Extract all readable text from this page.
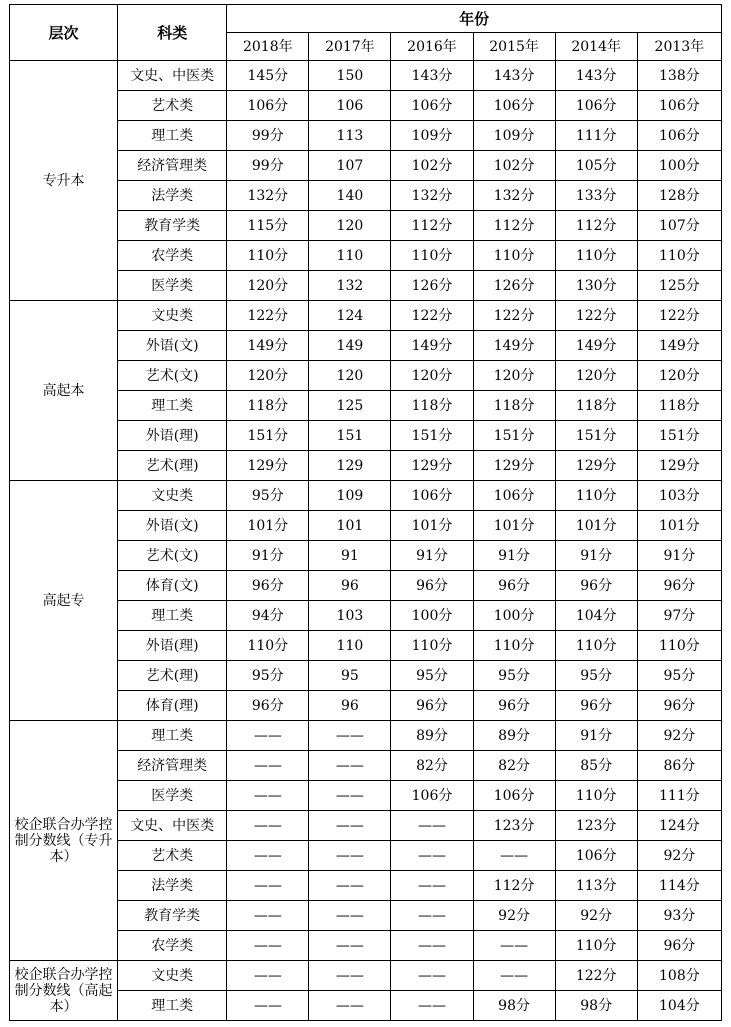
层次	科类	年份					
		2018年	2017年	2016年	2015年	2014年	2013年
专升本	文史、中医类	145分	150	143分	143分	143分	138分
	艺术类	106分	106	106分	106分	106分	106分
	理工类	99分	113	109分	109分	111分	106分
	经济管理类	99分	107	102分	102分	105分	100分
	法学类	132分	140	132分	132分	133分	128分
	教育学类	115分	120	112分	112分	112分	107分
	农学类	110分	110	110分	110分	110分	110分
	医学类	120分	132	126分	126分	130分	125分
高起本	文史类	122分	124	122分	122分	122分	122分
	外语(文)	149分	149	149分	149分	149分	149分
	艺术(文)	120分	120	120分	120分	120分	120分
	理工类	118分	125	118分	118分	118分	118分
	外语(理)	151分	151	151分	151分	151分	151分
	艺术(理)	129分	129	129分	129分	129分	129分
高起专	文史类	95分	109	106分	106分	110分	103分
	外语(文)	101分	101	101分	101分	101分	101分
	艺术(文)	91分	91	91分	91分	91分	91分
	体育(文)	96分	96	96分	96分	96分	96分
	理工类	94分	103	100分	100分	104分	97分
	外语(理)	110分	110	110分	110分	110分	110分
	艺术(理)	95分	95	95分	95分	95分	95分
	体育(理)	96分	96	96分	96分	96分	96分
校企联合办学控制分数线（专升本）	理工类	——	——	89分	89分	91分	92分
	经济管理类	——	——	82分	82分	85分	86分
	医学类	——	——	106分	106分	110分	111分
	文史、中医类	——	——	——	123分	123分	124分
	艺术类	——	——	——	——	106分	92分
	法学类	——	——	——	112分	113分	114分
	教育学类	——	——	——	92分	92分	93分
	农学类	——	——	——	——	110分	96分
校企联合办学控制分数线（高起本）	文史类	——	——	——	——	122分	108分
	理工类	——	——	——	98分	98分	104分
